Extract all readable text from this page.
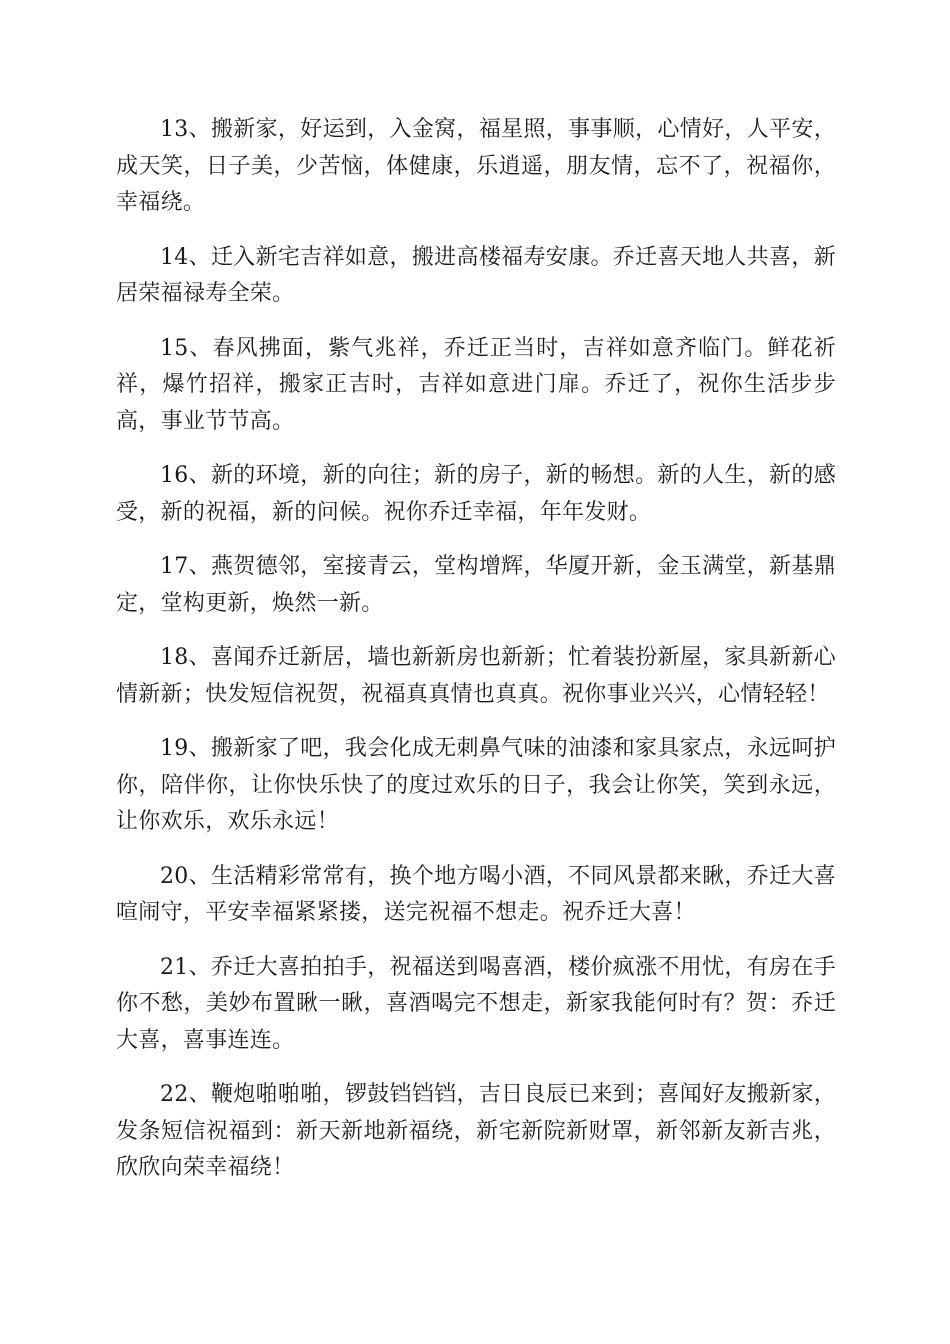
13、搬新家，好运到，入金窝，福星照，事事顺，心情好，人平安，成天笑，日子美，少苦恼，体健康，乐逍遥，朋友情，忘不了，祝福你，幸福绕。

14、迁入新宅吉祥如意，搬进高楼福寿安康。乔迁喜天地人共喜，新居荣福禄寿全荣。

15、春风拂面，紫气兆祥，乔迁正当时，吉祥如意齐临门。鲜花祈祥，爆竹招祥，搬家正吉时，吉祥如意进门扉。乔迁了，祝你生活步步高，事业节节高。

16、新的环境，新的向往；新的房子，新的畅想。新的人生，新的感受，新的祝福，新的问候。祝你乔迁幸福，年年发财。

17、燕贺德邻，室接青云，堂构增辉，华厦开新，金玉满堂，新基鼎定，堂构更新，焕然一新。

18、喜闻乔迁新居，墙也新新房也新新；忙着装扮新屋，家具新新心情新新；快发短信祝贺，祝福真真情也真真。祝你事业兴兴，心情轻轻！

19、搬新家了吧，我会化成无刺鼻气味的油漆和家具家点，永远呵护你，陪伴你，让你快乐快了的度过欢乐的日子，我会让你笑，笑到永远，让你欢乐，欢乐永远！

20、生活精彩常常有，换个地方喝小酒，不同风景都来瞅，乔迁大喜喧闹守，平安幸福紧紧搂，送完祝福不想走。祝乔迁大喜！

21、乔迁大喜拍拍手，祝福送到喝喜酒，楼价疯涨不用忧，有房在手你不愁，美妙布置瞅一瞅，喜酒喝完不想走，新家我能何时有？贺：乔迁大喜，喜事连连。

22、鞭炮啪啪啪，锣鼓铛铛铛，吉日良辰已来到；喜闻好友搬新家，发条短信祝福到：新天新地新福绕，新宅新院新财罩，新邻新友新吉兆，欣欣向荣幸福绕！
